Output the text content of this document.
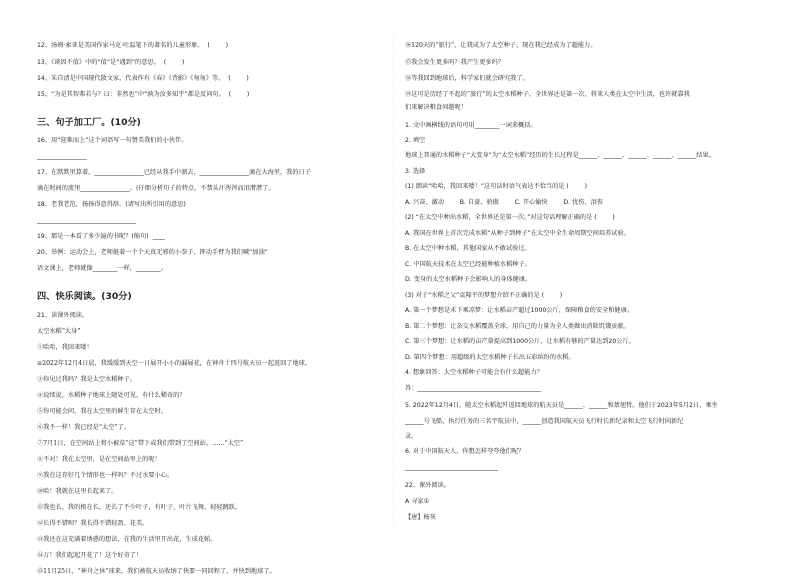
12、汤姆·索亚是美国作家马克·吐温笔下的著名的儿童形象。  (        )
13、《谈因不值》中的“值”是“遇到”的意思。  (        )
14、朱自清是中国现代散文家，代表作有《春》《背影》《匆匆》等。  (        )
15、“为是其智弗若与？曰：非然也”中“孰为汝多知乎”都是反问句。  (        )
三、句子加工厂。(10分)
16、用“迎难而上”这个词语写一句赞美我们的小伙伴。
________________
17、在默默里算着，________________已经从我手中溜去，________________滴在大海里，我的日子
滴在时间的流里________________。(仔细分析句子的特点，不禁头汗涔涔而泪潸潸了。
18、老我老范，扬扬得意得辞。(请写出所引用的意思)
________________________________
19、那是一本看了多少遍的书呢？(缩句)  ____
20、举例：运动会上，老师挺着一个个天真无邪的小拳子，挥动手臂为我们喊“加油”
语文课上，老师就像________一样，________。
四、快乐阅读。(30分)
21、读课外阅读。
太空水稻“大身”
①哈哈，我回来喽！
≡2022年12月4日晨，我缓缓到天空一日展开小小的漏展花，在神舟十四号航天员一起返回了地球。
③你见过我吗？我是太空水稻种子。
④说续说，水稻种子地球上随处可见，有什么稀奇的？
⑤你可能会问，我在太空里的鲜生存在太空时。
⑥我不一样！我已经是“太空”了。
⑦7月1日，在空间站上将小被草“这”带下或我们带到了空间站。……“太空”
⑧不对！我在太空里，是在空间站里上的呢！
⑨我在这存好几个情形也一样吗？不过水要小心。
⑩哈！我就在这里长起来了。
⑪我也长。我的根在长，还长了不少叶子，有叶子，叶片飞舞，轻轻跳跃。
⑫长得不错呗？我长得不错轻盈、花美。
⑬我还在这充满着诱惑的想法，在我的生活里开出花，生成花帕。
⑭万！我们起起开花了！这个好奇了！
⑮11月25日，“神舟之休”球来，我们被航天员收纳了快要一同回程了，并快到地球了。
⑯120天的“旅行”，让我成为了太空种子，现在我已经成为了超能力。
⑰我会发生更多吗？我产生更多吗？
⑱等我回到地球后，科学家们就会研究我了。
⑲这可是历经了不起的“旅行”的太空水稻种子，全世界还是第一次。将来人类在太空中生活，也许就靠我
们来解决粮食问题呢！
1. 文中画横线的语句可用________一词来概括。
2. 填空
地球上普通的水稻种子“大变身”为“太空水稻”经历的生长过程是______、______、______、______、______结果。
3. 选择
(1) 朗读“哈哈，我回来喽！”这句话时语气表达不恰当的是 (        )
A. 兴奋、激动        B. 自豪、骄傲        C. 开心愉快        D. 忧伤、泪丧
(2) “在太空中种出水稻，全世界还是第一次。”对这句话理解正确的是 (        )
A. 我国在世界上首次完成水稻“从种子到种子”在太空中全生命周期空间培养试验。
B. 在太空中种水稻，其他国家从不敢试验过。
C. 中国航天技术在太空已经能种植水稻种子。
D. 变身的太空水稻种子会影响人的身体健康。
(3) 对于“水稻之父”袁隆平的梦想介绍不正确的是 (        )
A. 第一个梦想是禾下乘凉梦：让水稻亩产超过1000公斤，保障粮食的安全和健康。
B. 第二个梦想：让杂交水稻覆盖全球，用自己的力量为全人类做出消除饥饿贡献。
C. 第三个梦想：让水稻的亩产量提高到1000公斤，让水稻有够的产量达到20公斤。
D. 第四个梦想：用超级的太空水稻种子长出五彩缤纷的水稻。
4. 想象回答：太空水稻种子可能会有什么超能力？
答：________________________________________
5. 2022年12月4日，随太空水稻起歼返回地球的航天员是______、______和蔡旭哲。他们于2023年5月2日，乘坐
______号飞船，执行任务的三名宇航员中，______创造我国航天员飞行时长新纪录和太空飞行时间新纪
录。
6. 对于中国航天人，你想怎样夸夸他们呢？
______________________________
22、课外阅读。
A 寻家①
【唐】杨灰
